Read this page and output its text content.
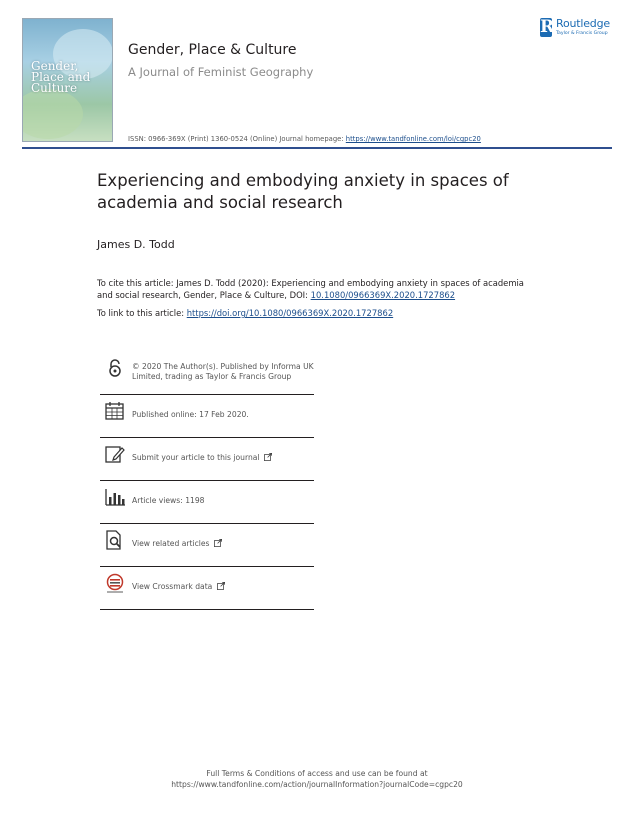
Gender,
Place and
Culture
Gender, Place & Culture
A Journal of Feminist Geography
R Routledge
Taylor & Francis Group
ISSN: 0966-369X (Print) 1360-0524 (Online) Journal homepage: https://www.tandfonline.com/loi/cgpc20
Experiencing and embodying anxiety in spaces of academia and social research
James D. Todd
To cite this article: James D. Todd (2020): Experiencing and embodying anxiety in spaces of academia and social research, Gender, Place & Culture, DOI: 10.1080/0966369X.2020.1727862
To link to this article: https://doi.org/10.1080/0966369X.2020.1727862
© 2020 The Author(s). Published by Informa UK Limited, trading as Taylor & Francis Group
Published online: 17 Feb 2020.
Submit your article to this journal
Article views: 1198
View related articles
View Crossmark data
Full Terms & Conditions of access and use can be found at
https://www.tandfonline.com/action/journalInformation?journalCode=cgpc20
